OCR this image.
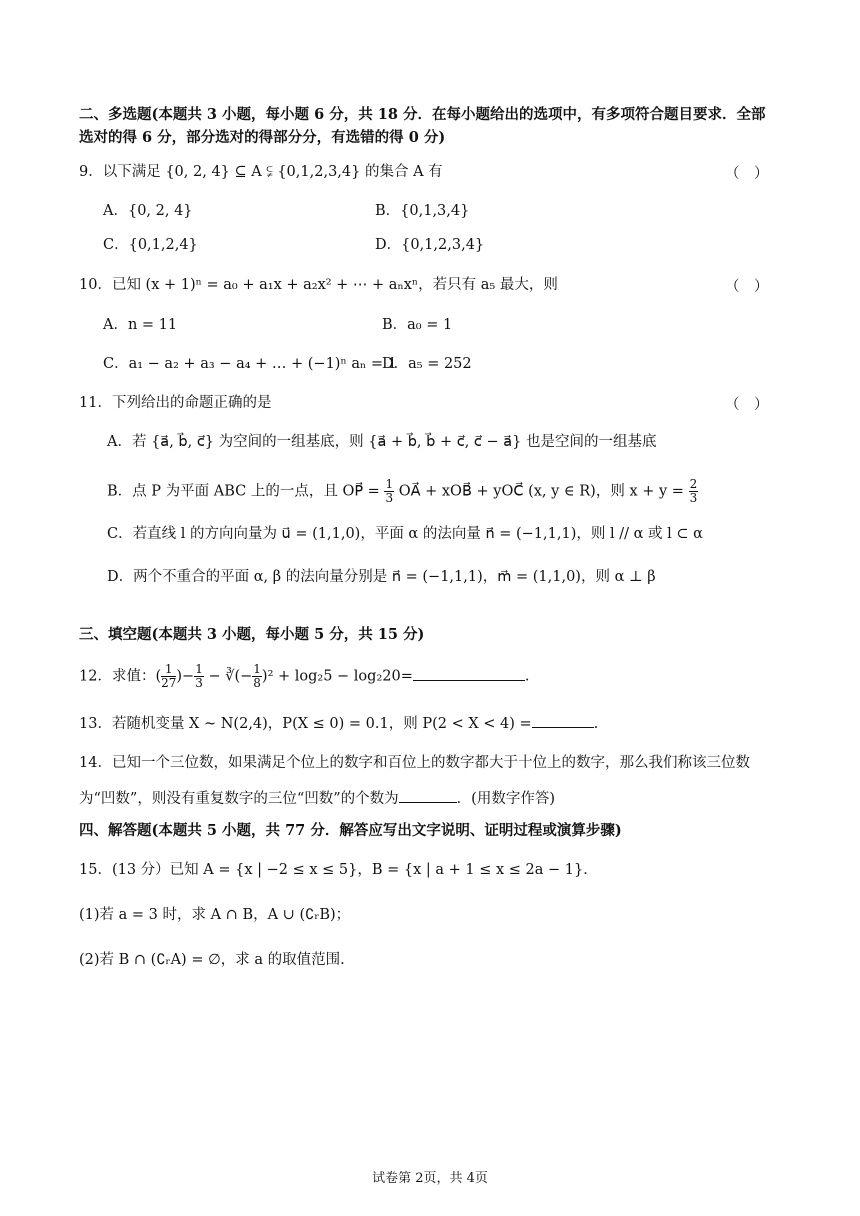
二、多选题(本题共 3 小题，每小题 6 分，共 18 分．在每小题给出的选项中，有多项符合题目要求．全部
选对的得 6 分，部分选对的得部分分，有选错的得 0 分)
9．以下满足 {0, 2, 4} ⊆ A ⫋ {0,1,2,3,4} 的集合 A 有	（　）
A．{0, 2, 4}	B．{0,1,3,4}
C．{0,1,2,4}	D．{0,1,2,3,4}
10．已知 (x + 1)ⁿ = a₀ + a₁x + a₂x² + ⋯ + aₙxⁿ，若只有 a₅ 最大，则	（　）
A．n = 11	B．a₀ = 1
C．a₁ − a₂ + a₃ − a₄ + … + (−1)ⁿ aₙ = 1
D．a₅ = 252
11．下列给出的命题正确的是	（　）
A．若 {a⃗, b⃗, c⃗} 为空间的一组基底，则 {a⃗ + b⃗, b⃗ + c⃗, c⃗ − a⃗} 也是空间的一组基底
B．点 P 为平面 ABC 上的一点，且 OP⃗ = $\frac{1}{3}$ OA⃗ + xOB⃗ + yOC⃗ (x, y ∈ R)，则 $x + y = \frac{2}{3}$
C．若直线 l 的方向向量为 u⃗ = (1,1,0)，平面 α 的法向量 n⃗ = (−1,1,1)，则 l // α 或 l ⊂ α
D．两个不重合的平面 α, β 的法向量分别是 n⃗ = (−1,1,1)，m⃗ = (1,1,0)，则 α ⊥ β
三、填空题(本题共 3 小题，每小题 5 分，共 15 分)
12．求值：( $\frac{1}{27}$ )− $\frac{1}{3}$ − ∛(− $\frac{1}{8} )^2 + \log_25 - \log_220=$	.
13．若随机变量 X ~ N(2,4)，P(X ≤ 0) = 0.1，则 P(2 < X < 4) =	.
14．已知一个三位数，如果满足个位上的数字和百位上的数字都大于十位上的数字，那么我们称该三位数
为“凹数”，则没有重复数字的三位“凹数”的个数为	．(用数字作答)
四、解答题(本题共 5 小题，共 77 分．解答应写出文字说明、证明过程或演算步骤)
15．(13 分）已知 A = {x | −2 ≤ x ≤ 5}，B = {x | a + 1 ≤ x ≤ 2a − 1}．
(1)若 a = 3 时，求 A ∩ B，A ∪ (∁ᵣB)；
(2)若 B ∩ (∁ᵣA) = ∅，求 a 的取值范围.
试卷第 2页，共 4页
